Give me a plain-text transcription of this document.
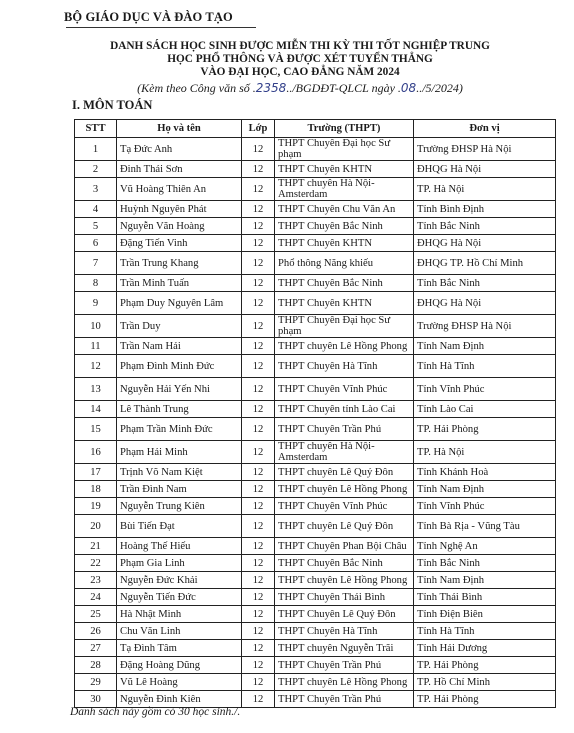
BỘ GIÁO DỤC VÀ ĐÀO TẠO
DANH SÁCH HỌC SINH ĐƯỢC MIỄN THI KỲ THI TỐT NGHIỆP TRUNG
HỌC PHỔ THÔNG VÀ ĐƯỢC XÉT TUYỂN THẲNG
VÀO ĐẠI HỌC, CAO ĐẲNG NĂM 2024
(Kèm theo Công văn số .2358../BGDĐT-QLCL ngày .08../5/2024)
I. MÔN TOÁN
STT	Họ và tên	Lớp	Trường (THPT)	Đơn vị
1	Tạ Đức Anh	12	THPT Chuyên Đại học Sư phạm	Trường ĐHSP Hà Nội
2	Đinh Thái Sơn	12	THPT Chuyên KHTN	ĐHQG Hà Nội
3	Vũ Hoàng Thiên An	12	THPT chuyên Hà Nội-Amsterdam	TP. Hà Nội
4	Huỳnh Nguyên Phát	12	THPT Chuyên Chu Văn An	Tỉnh Bình Định
5	Nguyễn Văn Hoàng	12	THPT Chuyên Bắc Ninh	Tỉnh Bắc Ninh
6	Đặng Tiến Vinh	12	THPT Chuyên KHTN	ĐHQG Hà Nội
7	Trần Trung Khang	12	Phổ thông Năng khiếu	ĐHQG TP. Hồ Chí Minh
8	Trần Minh Tuấn	12	THPT Chuyên Bắc Ninh	Tỉnh Bắc Ninh
9	Phạm Duy Nguyên Lâm	12	THPT Chuyên KHTN	ĐHQG Hà Nội
10	Trần Duy	12	THPT Chuyên Đại học Sư phạm	Trường ĐHSP Hà Nội
11	Trần Nam Hải	12	THPT chuyên Lê Hồng Phong	Tỉnh Nam Định
12	Phạm Đình Minh Đức	12	THPT Chuyên Hà Tĩnh	Tỉnh Hà Tĩnh
13	Nguyễn Hải Yến Nhi	12	THPT Chuyên Vĩnh Phúc	Tỉnh Vĩnh Phúc
14	Lê Thành Trung	12	THPT Chuyên tỉnh Lào Cai	Tỉnh Lào Cai
15	Phạm Trần Minh Đức	12	THPT Chuyên Trần Phú	TP. Hải Phòng
16	Phạm Hải Minh	12	THPT chuyên Hà Nội-Amsterdam	TP. Hà Nội
17	Trịnh Võ Nam Kiệt	12	THPT chuyên Lê Quý Đôn	Tỉnh Khánh Hoà
18	Trần Đình Nam	12	THPT chuyên Lê Hồng Phong	Tỉnh Nam Định
19	Nguyễn Trung Kiên	12	THPT Chuyên Vĩnh Phúc	Tỉnh Vĩnh Phúc
20	Bùi Tiến Đạt	12	THPT chuyên Lê Quý Đôn	Tỉnh Bà Rịa - Vũng Tàu
21	Hoàng Thế Hiếu	12	THPT Chuyên Phan Bội Châu	Tỉnh Nghệ An
22	Phạm Gia Linh	12	THPT Chuyên Bắc Ninh	Tỉnh Bắc Ninh
23	Nguyễn Đức Khải	12	THPT chuyên Lê Hồng Phong	Tỉnh Nam Định
24	Nguyễn Tiến Đức	12	THPT Chuyên Thái Bình	Tỉnh Thái Bình
25	Hà Nhật Minh	12	THPT Chuyên Lê Quý Đôn	Tỉnh Điện Biên
26	Chu Văn Linh	12	THPT Chuyên Hà Tĩnh	Tỉnh Hà Tĩnh
27	Tạ Đình Tâm	12	THPT chuyên Nguyễn Trãi	Tỉnh Hải Dương
28	Đặng Hoàng Dũng	12	THPT Chuyên Trần Phú	TP. Hải Phòng
29	Vũ Lê Hoàng	12	THPT chuyên Lê Hồng Phong	TP. Hồ Chí Minh
30	Nguyễn Đình Kiên	12	THPT Chuyên Trần Phú	TP. Hải Phòng
Danh sách này gồm có 30 học sinh./.
